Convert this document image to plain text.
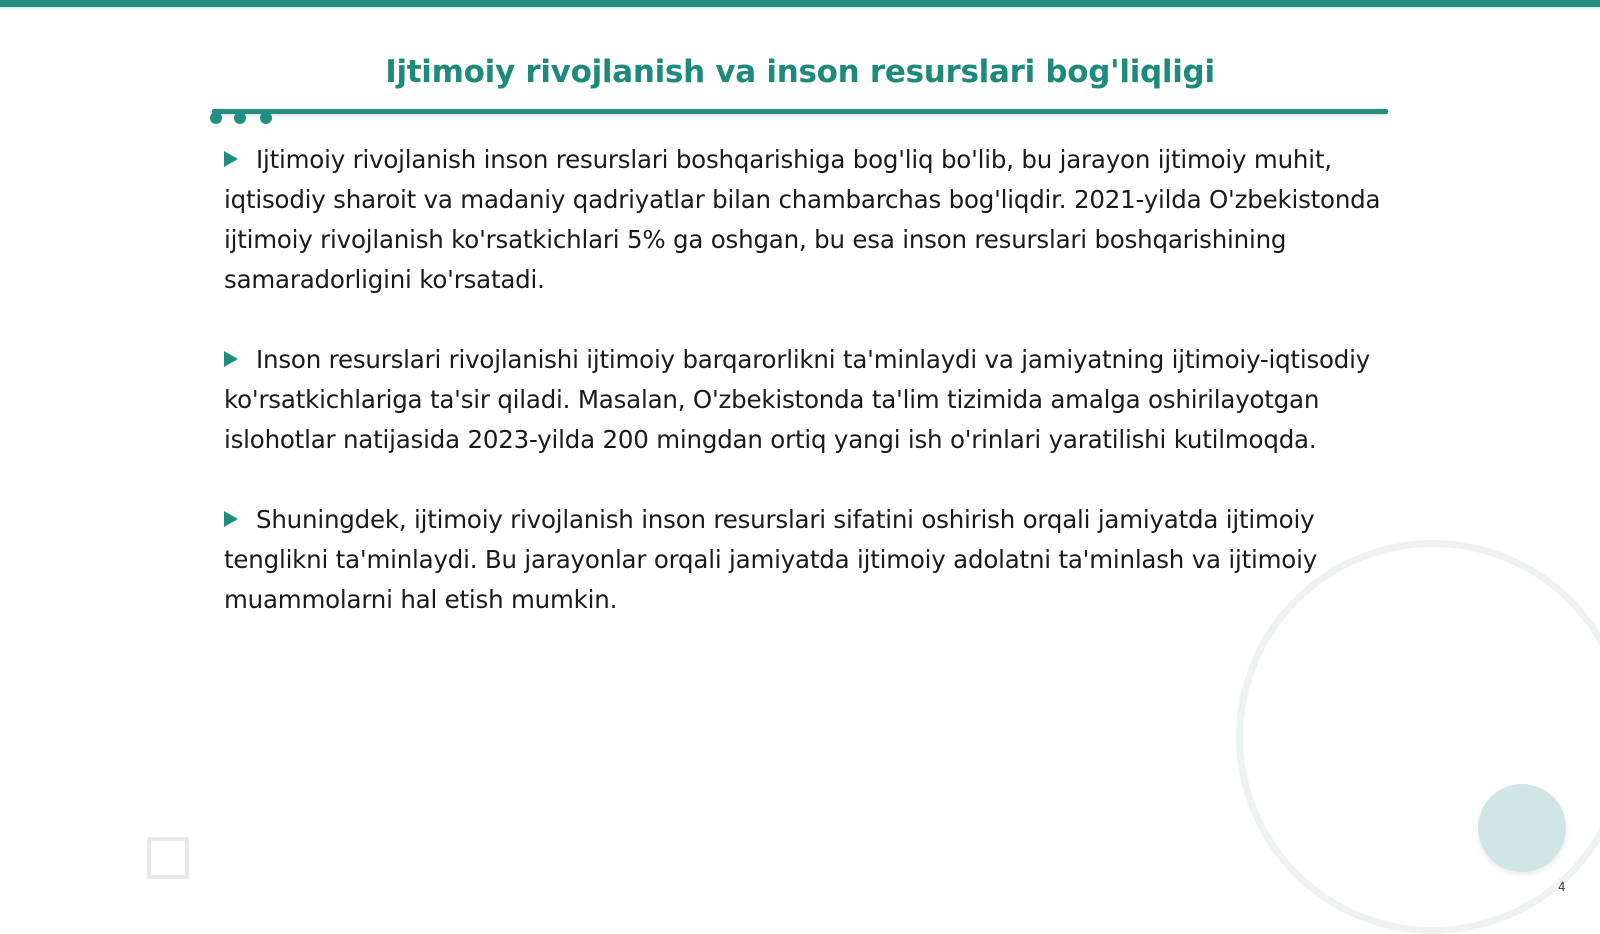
Ijtimoiy rivojlanish va inson resurslari bog'liqligi

Ijtimoiy rivojlanish inson resurslari boshqarishiga bog'liq bo'lib, bu jarayon ijtimoiy muhit, iqtisodiy sharoit va madaniy qadriyatlar bilan chambarchas bog'liqdir. 2021-yilda O'zbekistonda ijtimoiy rivojlanish ko'rsatkichlari 5% ga oshgan, bu esa inson resurslari boshqarishining samaradorligini ko'rsatadi.

Inson resurslari rivojlanishi ijtimoiy barqarorlikni ta'minlaydi va jamiyatning ijtimoiy-iqtisodiy ko'rsatkichlariga ta'sir qiladi. Masalan, O'zbekistonda ta'lim tizimida amalga oshirilayotgan islohotlar natijasida 2023-yilda 200 mingdan ortiq yangi ish o'rinlari yaratilishi kutilmoqda.

Shuningdek, ijtimoiy rivojlanish inson resurslari sifatini oshirish orqali jamiyatda ijtimoiy tenglikni ta'minlaydi. Bu jarayonlar orqali jamiyatda ijtimoiy adolatni ta'minlash va ijtimoiy muammolarni hal etish mumkin.

4
